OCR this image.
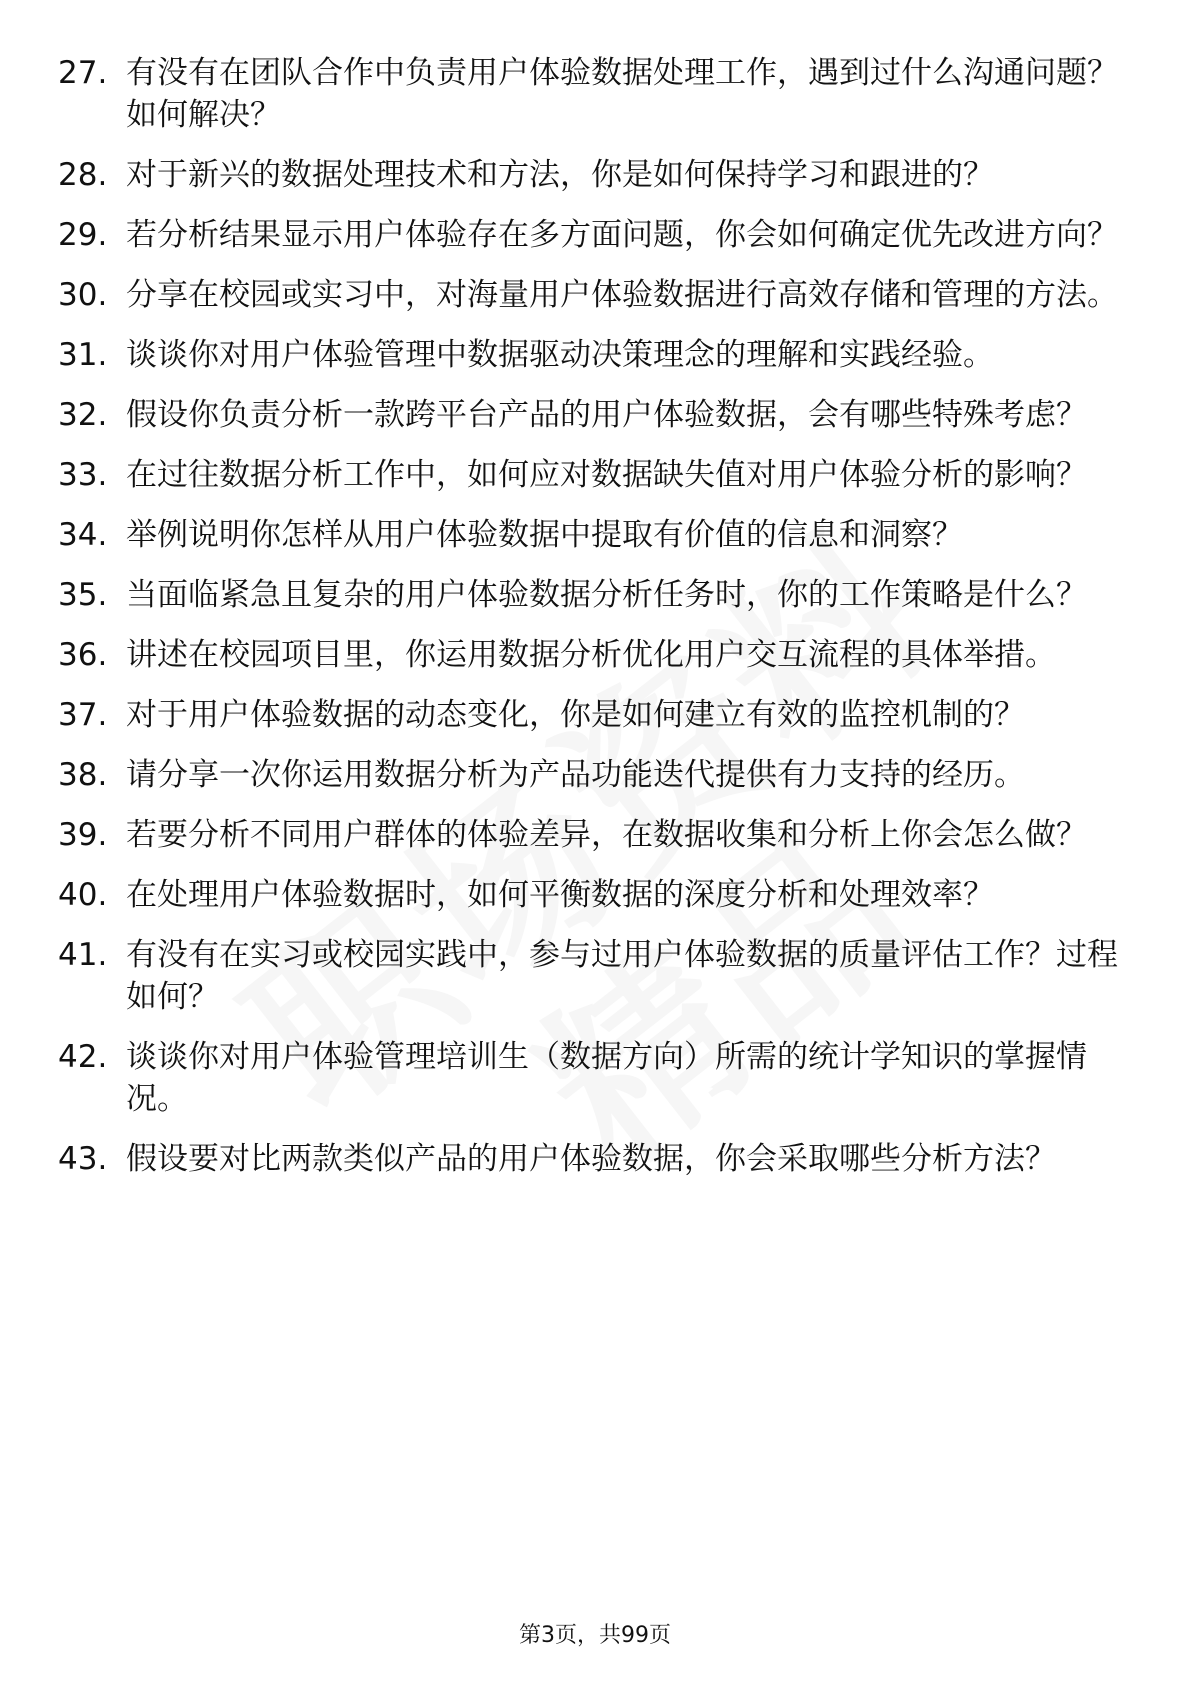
27. 有没有在团队合作中负责用户体验数据处理工作，遇到过什么沟通问题？如何解决？
28. 对于新兴的数据处理技术和方法，你是如何保持学习和跟进的？
29. 若分析结果显示用户体验存在多方面问题，你会如何确定优先改进方向？
30. 分享在校园或实习中，对海量用户体验数据进行高效存储和管理的方法。
31. 谈谈你对用户体验管理中数据驱动决策理念的理解和实践经验。
32. 假设你负责分析一款跨平台产品的用户体验数据，会有哪些特殊考虑？
33. 在过往数据分析工作中，如何应对数据缺失值对用户体验分析的影响？
34. 举例说明你怎样从用户体验数据中提取有价值的信息和洞察？
35. 当面临紧急且复杂的用户体验数据分析任务时，你的工作策略是什么？
36. 讲述在校园项目里，你运用数据分析优化用户交互流程的具体举措。
37. 对于用户体验数据的动态变化，你是如何建立有效的监控机制的？
38. 请分享一次你运用数据分析为产品功能迭代提供有力支持的经历。
39. 若要分析不同用户群体的体验差异，在数据收集和分析上你会怎么做？
40. 在处理用户体验数据时，如何平衡数据的深度分析和处理效率？
41. 有没有在实习或校园实践中，参与过用户体验数据的质量评估工作？过程如何？
42. 谈谈你对用户体验管理培训生（数据方向）所需的统计学知识的掌握情况。
43. 假设要对比两款类似产品的用户体验数据，你会采取哪些分析方法？
第3页，共99页
